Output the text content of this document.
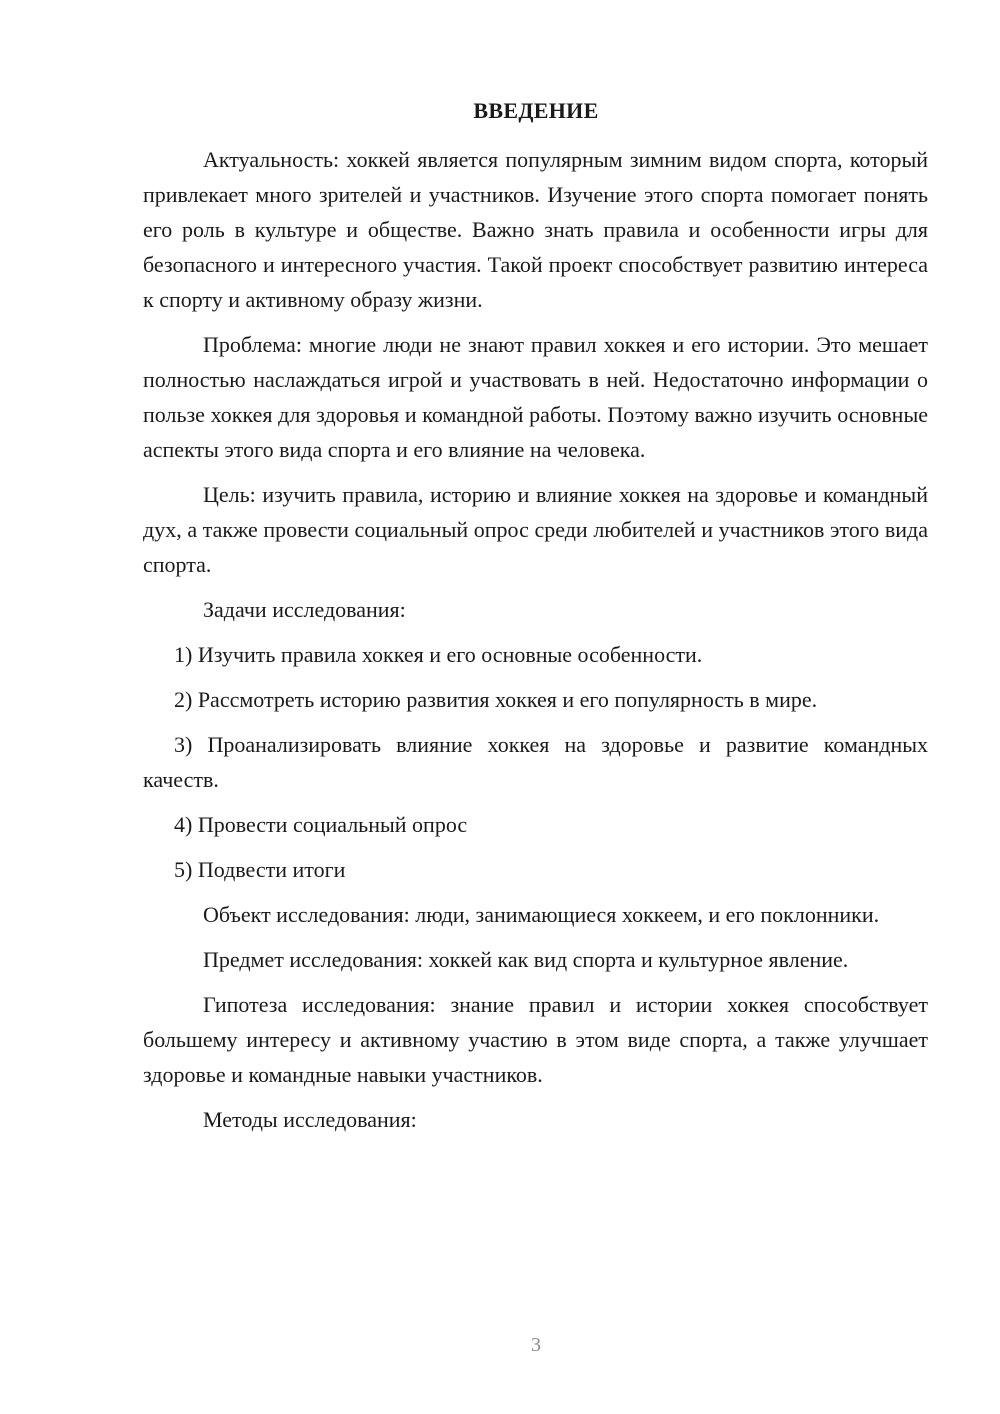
ВВЕДЕНИЕ

Актуальность: хоккей является популярным зимним видом спорта, который привлекает много зрителей и участников. Изучение этого спорта помогает понять его роль в культуре и обществе. Важно знать правила и особенности игры для безопасного и интересного участия. Такой проект способствует развитию интереса к спорту и активному образу жизни.

Проблема: многие люди не знают правил хоккея и его истории. Это мешает полностью наслаждаться игрой и участвовать в ней. Недостаточно информации о пользе хоккея для здоровья и командной работы. Поэтому важно изучить основные аспекты этого вида спорта и его влияние на человека.

Цель: изучить правила, историю и влияние хоккея на здоровье и командный дух, а также провести социальный опрос среди любителей и участников этого вида спорта.

Задачи исследования:

1) Изучить правила хоккея и его основные особенности.

2) Рассмотреть историю развития хоккея и его популярность в мире.

3) Проанализировать влияние хоккея на здоровье и развитие командных качеств.

4) Провести социальный опрос

5) Подвести итоги

Объект исследования: люди, занимающиеся хоккеем, и его поклонники.

Предмет исследования: хоккей как вид спорта и культурное явление.

Гипотеза исследования: знание правил и истории хоккея способствует большему интересу и активному участию в этом виде спорта, а также улучшает здоровье и командные навыки участников.

Методы исследования:

3
